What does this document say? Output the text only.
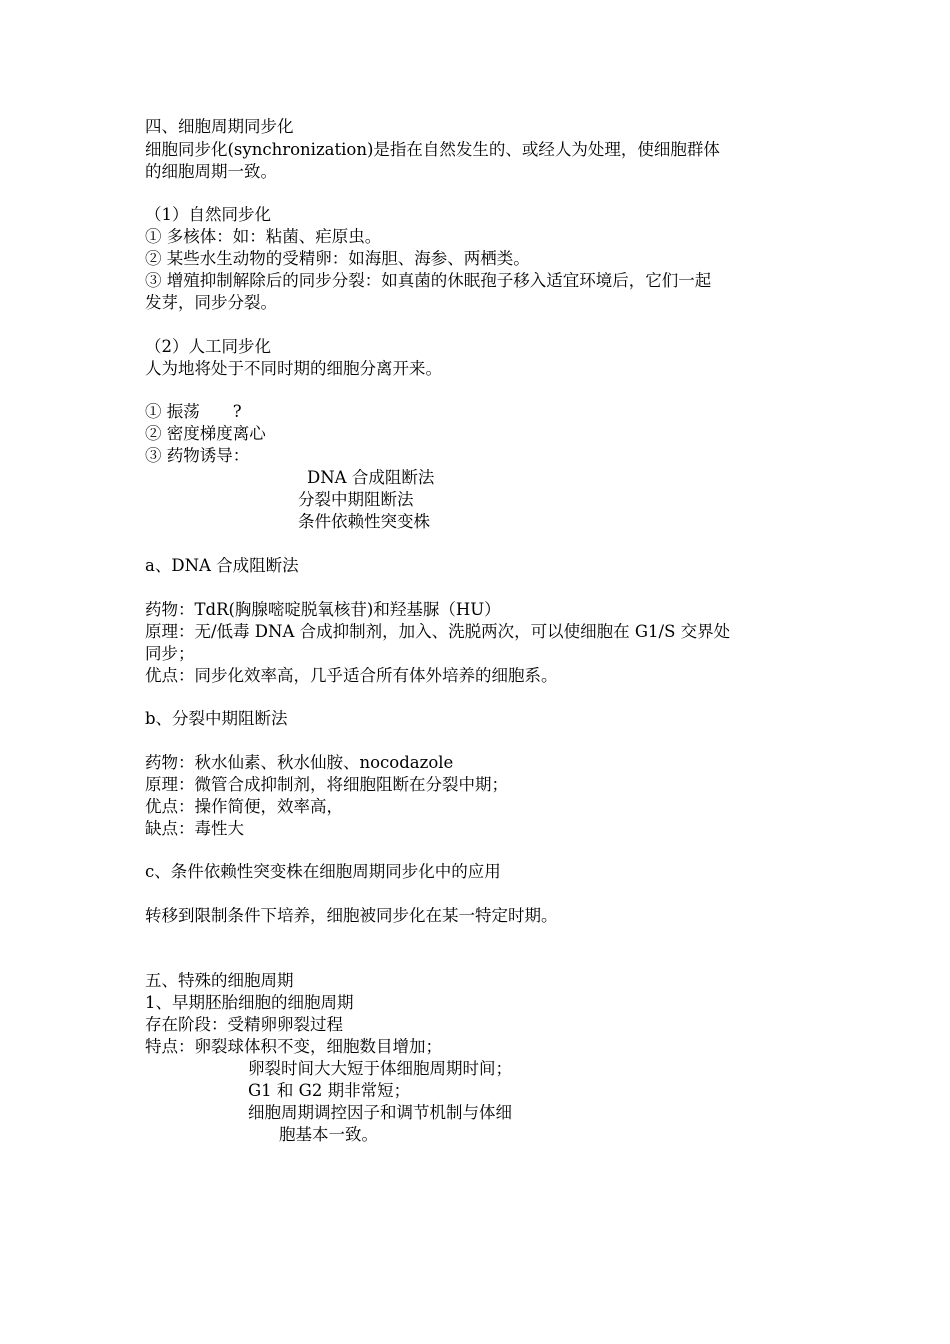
四、细胞周期同步化
细胞同步化(synchronization)是指在自然发生的、或经人为处理，使细胞群体
的细胞周期一致。
（1）自然同步化
① 多核体：如：粘菌、疟原虫。
② 某些水生动物的受精卵：如海胆、海参、两栖类。
③ 增殖抑制解除后的同步分裂：如真菌的休眠孢子移入适宜环境后，它们一起
发芽，同步分裂。
（2）人工同步化
人为地将处于不同时期的细胞分离开来。
① 振荡　　?
② 密度梯度离心
③ 药物诱导：
DNA 合成阻断法
分裂中期阻断法
条件依赖性突变株
a、DNA 合成阻断法
药物：TdR(胸腺嘧啶脱氧核苷)和羟基脲（HU）
原理：无/低毒 DNA 合成抑制剂，加入、洗脱两次，可以使细胞在 G1/S 交界处
同步；
优点：同步化效率高，几乎适合所有体外培养的细胞系。
b、分裂中期阻断法
药物：秋水仙素、秋水仙胺、nocodazole
原理：微管合成抑制剂，将细胞阻断在分裂中期；
优点：操作简便，效率高，
缺点：毒性大
c、条件依赖性突变株在细胞周期同步化中的应用
转移到限制条件下培养，细胞被同步化在某一特定时期。
五、特殊的细胞周期
1、早期胚胎细胞的细胞周期
存在阶段：受精卵卵裂过程
特点：卵裂球体积不变，细胞数目增加；
卵裂时间大大短于体细胞周期时间；
G1 和 G2 期非常短；
细胞周期调控因子和调节机制与体细
胞基本一致。
